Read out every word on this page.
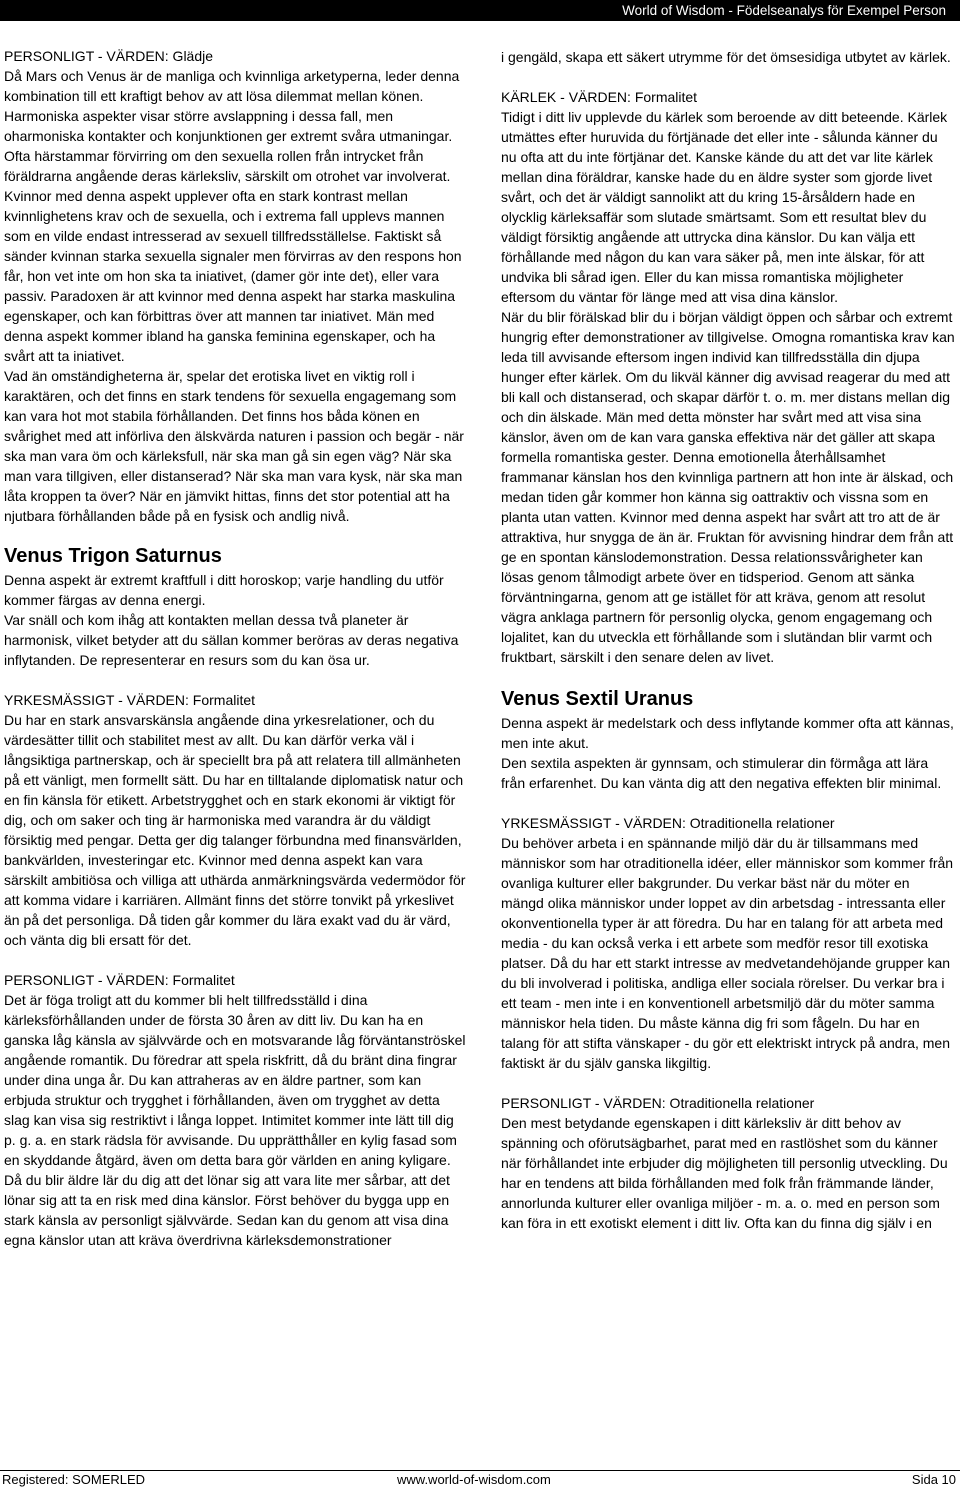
World of Wisdom - Födelseanalys för Exempel Person

PERSONLIGT - VÄRDEN: Glädje

Då Mars och Venus är de manliga och kvinnliga arketyperna, leder denna kombination till ett kraftigt behov av att lösa dilemmat mellan könen. Harmoniska aspekter visar större avslappning i dessa fall, men oharmoniska kontakter och konjunktionen ger extremt svåra utmaningar. Ofta härstammar förvirring om den sexuella rollen från intrycket från föräldrarna angående deras kärleksliv, särskilt om otrohet var involverat. Kvinnor med denna aspekt upplever ofta en stark kontrast mellan kvinnlighetens krav och de sexuella, och i extrema fall upplevs mannen som en vilde endast intresserad av sexuell tillfredsställelse. Faktiskt så sänder kvinnan starka sexuella signaler men förvirras av den respons hon får, hon vet inte om hon ska ta iniativet, (damer gör inte det), eller vara passiv. Paradoxen är att kvinnor med denna aspekt har starka maskulina egenskaper, och kan förbittras över att mannen tar iniativet. Män med denna aspekt kommer ibland ha ganska feminina egenskaper, och ha svårt att ta iniativet.

Vad än omständigheterna är, spelar det erotiska livet en viktig roll i karaktären, och det finns en stark tendens för sexuella engagemang som kan vara hot mot stabila förhållanden. Det finns hos båda könen en svårighet med att införliva den älskvärda naturen i passion och begär - när ska man vara öm och kärleksfull, när ska man gå sin egen väg? När ska man vara tillgiven, eller distanserad? När ska man vara kysk, när ska man låta kroppen ta över? När en jämvikt hittas, finns det stor potential att ha njutbara förhållanden både på en fysisk och andlig nivå.

Venus Trigon Saturnus

Denna aspekt är extremt kraftfull i ditt horoskop; varje handling du utför kommer färgas av denna energi.

Var snäll och kom ihåg att kontakten mellan dessa två planeter är harmonisk, vilket betyder att du sällan kommer beröras av deras negativa inflytanden. De representerar en resurs som du kan ösa ur.

YRKESMÄSSIGT - VÄRDEN: Formalitet

Du har en stark ansvarskänsla angående dina yrkesrelationer, och du värdesätter tillit och stabilitet mest av allt. Du kan därför verka väl i långsiktiga partnerskap, och är speciellt bra på att relatera till allmänheten på ett vänligt, men formellt sätt. Du har en tilltalande diplomatisk natur och en fin känsla för etikett. Arbetstrygghet och en stark ekonomi är viktigt för dig, och om saker och ting är harmoniska med varandra är du väldigt försiktig med pengar. Detta ger dig talanger förbundna med finansvärlden, bankvärlden, investeringar etc. Kvinnor med denna aspekt kan vara särskilt ambitiösa och villiga att uthärda anmärkningsvärda vedermödor för att komma vidare i karriären. Allmänt finns det större tonvikt på yrkeslivet än på det personliga. Då tiden går kommer du lära exakt vad du är värd, och vänta dig bli ersatt för det.

PERSONLIGT - VÄRDEN: Formalitet

Det är föga troligt att du kommer bli helt tillfredsställd i dina kärleksförhållanden under de första 30 åren av ditt liv. Du kan ha en ganska låg känsla av självvärde och en motsvarande låg förväntanströskel angående romantik. Du föredrar att spela riskfritt, då du bränt dina fingrar under dina unga år. Du kan attraheras av en äldre partner, som kan erbjuda struktur och trygghet i förhållanden, även om trygghet av detta slag kan visa sig restriktivt i långa loppet. Intimitet kommer inte lätt till dig p. g. a. en stark rädsla för avvisande. Du upprätthåller en kylig fasad som en skyddande åtgärd, även om detta bara gör världen en aning kyligare. Då du blir äldre lär du dig att det lönar sig att vara lite mer sårbar, att det lönar sig att ta en risk med dina känslor. Först behöver du bygga upp en stark känsla av personligt självvärde. Sedan kan du genom att visa dina egna känslor utan att kräva överdrivna kärleksdemonstrationer

i gengäld, skapa ett säkert utrymme för det ömsesidiga utbytet av kärlek.

KÄRLEK - VÄRDEN: Formalitet

Tidigt i ditt liv upplevde du kärlek som beroende av ditt beteende. Kärlek utmättes efter huruvida du förtjänade det eller inte - sålunda känner du nu ofta att du inte förtjänar det. Kanske kände du att det var lite kärlek mellan dina föräldrar, kanske hade du en äldre syster som gjorde livet svårt, och det är väldigt sannolikt att du kring 15-årsåldern hade en olycklig kärleksaffär som slutade smärtsamt. Som ett resultat blev du väldigt försiktig angående att uttrycka dina känslor. Du kan välja ett förhållande med någon du kan vara säker på, men inte älskar, för att undvika bli sårad igen. Eller du kan missa romantiska möjligheter eftersom du väntar för länge med att visa dina känslor.

När du blir förälskad blir du i början väldigt öppen och sårbar och extremt hungrig efter demonstrationer av tillgivelse. Omogna romantiska krav kan leda till avvisande eftersom ingen individ kan tillfredsställa din djupa hunger efter kärlek. Om du likväl känner dig avvisad reagerar du med att bli kall och distanserad, och skapar därför t. o. m. mer distans mellan dig och din älskade. Män med detta mönster har svårt med att visa sina känslor, även om de kan vara ganska effektiva när det gäller att skapa formella romantiska gester. Denna emotionella återhållsamhet frammanar känslan hos den kvinnliga partnern att hon inte är älskad, och medan tiden går kommer hon känna sig oattraktiv och vissna som en planta utan vatten. Kvinnor med denna aspekt har svårt att tro att de är attraktiva, hur snygga de än är. Fruktan för avvisning hindrar dem från att ge en spontan känslodemonstration. Dessa relationssvårigheter kan lösas genom tålmodigt arbete över en tidsperiod. Genom att sänka förväntningarna, genom att ge istället för att kräva, genom att resolut vägra anklaga partnern för personlig olycka, genom engagemang och lojalitet, kan du utveckla ett förhållande som i slutändan blir varmt och fruktbart, särskilt i den senare delen av livet.

Venus Sextil Uranus

Denna aspekt är medelstark och dess inflytande kommer ofta att kännas, men inte akut.

Den sextila aspekten är gynnsam, och stimulerar din förmåga att lära från erfarenhet. Du kan vänta dig att den negativa effekten blir minimal.

YRKESMÄSSIGT - VÄRDEN: Otraditionella relationer

Du behöver arbeta i en spännande miljö där du är tillsammans med människor som har otraditionella idéer, eller människor som kommer från ovanliga kulturer eller bakgrunder. Du verkar bäst när du möter en mängd olika människor under loppet av din arbetsdag - intressanta eller okonventionella typer är att föredra. Du har en talang för att arbeta med media - du kan också verka i ett arbete som medför resor till exotiska platser. Då du har ett starkt intresse av medvetandehöjande grupper kan du bli involverad i politiska, andliga eller sociala rörelser. Du verkar bra i ett team - men inte i en konventionell arbetsmiljö där du möter samma människor hela tiden. Du måste känna dig fri som fågeln. Du har en talang för att stifta vänskaper - du gör ett elektriskt intryck på andra, men faktiskt är du själv ganska likgiltig.

PERSONLIGT - VÄRDEN: Otraditionella relationer

Den mest betydande egenskapen i ditt kärleksliv är ditt behov av spänning och oförutsägbarhet, parat med en rastlöshet som du känner när förhållandet inte erbjuder dig möjligheten till personlig utveckling. Du har en tendens att bilda förhållanden med folk från främmande länder, annorlunda kulturer eller ovanliga miljöer - m. a. o. med en person som kan föra in ett exotiskt element i ditt liv. Ofta kan du finna dig själv i en

Registered: SOMERLED	www.world-of-wisdom.com	Sida 10
